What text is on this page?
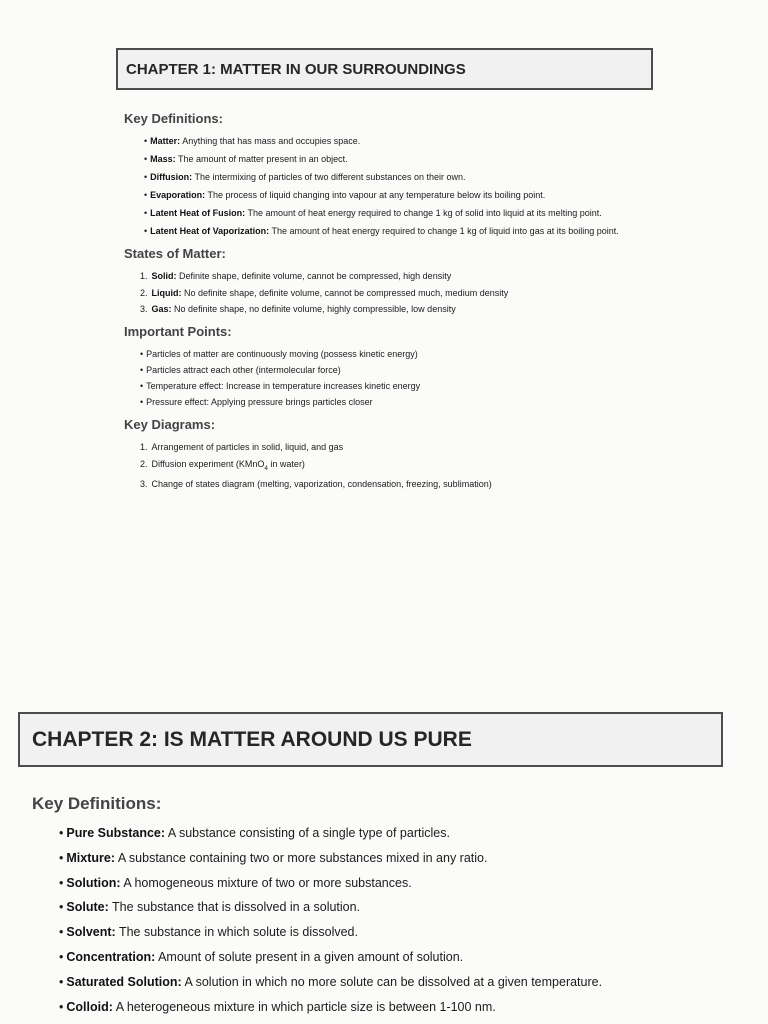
CHAPTER 1: MATTER IN OUR SURROUNDINGS
Key Definitions:
• Matter: Anything that has mass and occupies space.
• Mass: The amount of matter present in an object.
• Diffusion: The intermixing of particles of two different substances on their own.
• Evaporation: The process of liquid changing into vapour at any temperature below its boiling point.
• Latent Heat of Fusion: The amount of heat energy required to change 1 kg of solid into liquid at its melting point.
• Latent Heat of Vaporization: The amount of heat energy required to change 1 kg of liquid into gas at its boiling point.
States of Matter:
1. Solid: Definite shape, definite volume, cannot be compressed, high density
2. Liquid: No definite shape, definite volume, cannot be compressed much, medium density
3. Gas: No definite shape, no definite volume, highly compressible, low density
Important Points:
• Particles of matter are continuously moving (possess kinetic energy)
• Particles attract each other (intermolecular force)
• Temperature effect: Increase in temperature increases kinetic energy
• Pressure effect: Applying pressure brings particles closer
Key Diagrams:
1. Arrangement of particles in solid, liquid, and gas
2. Diffusion experiment (KMnO$_4$ in water)
3. Change of states diagram (melting, vaporization, condensation, freezing, sublimation)
CHAPTER 2: IS MATTER AROUND US PURE
Key Definitions:
• Pure Substance: A substance consisting of a single type of particles.
• Mixture: A substance containing two or more substances mixed in any ratio.
• Solution: A homogeneous mixture of two or more substances.
• Solute: The substance that is dissolved in a solution.
• Solvent: The substance in which solute is dissolved.
• Concentration: Amount of solute present in a given amount of solution.
• Saturated Solution: A solution in which no more solute can be dissolved at a given temperature.
• Colloid: A heterogeneous mixture in which particle size is between 1-100 nm.
